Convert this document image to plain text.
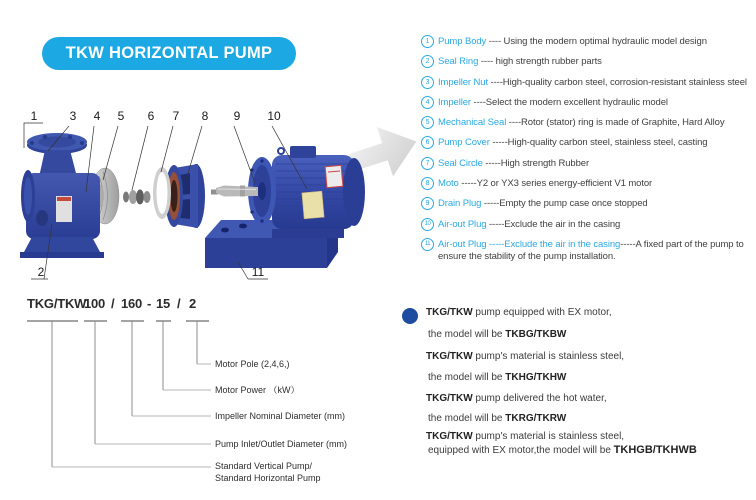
TKW HORIZONTAL PUMP
1	3 4 5 6 7 8 9 10
2	11
1 Pump Body ---- Using the modern optimal hydraulic model design
2 Seal Ring ---- high strength rubber parts
3 Impeller Nut ----High-quality carbon steel, corrosion-resistant stainless steel
4 Impeller ----Select the modern excellent hydraulic model
5 Mechanical Seal ----Rotor (stator) ring is made of Graphite, Hard Alloy
6 Pump Cover -----High-quality carbon steel, stainless steel, casting
7 Seal Circle -----High strength Rubber
8 Moto -----Y2 or YX3 series energy-efficient V1 motor
9 Drain Plug -----Empty the pump case once stopped
10 Air-out Plug -----Exclude the air in the casing
11 Air-out Plug -----Exclude the air in the casing-----A fixed part of the pump to ensure the stability of the pump installation.
TKG/TKW
100 / 160 - 15 / 2
Motor Pole (2,4,6,)
Motor Power （kW）
Impeller Nominal Diameter (mm)
Pump Inlet/Outlet Diameter (mm)
Standard Vertical Pump/
Standard Horizontal Pump
TKG/TKW pump equipped with EX motor,
the model will be TKBG/TKBW
TKG/TKW pump's material is stainless steel,
the model will be TKHG/TKHW
TKG/TKW pump delivered the hot water,
the model will be TKRG/TKRW
TKG/TKW pump's material is stainless steel,
equipped with EX motor,the model will be TKHGB/TKHWB
